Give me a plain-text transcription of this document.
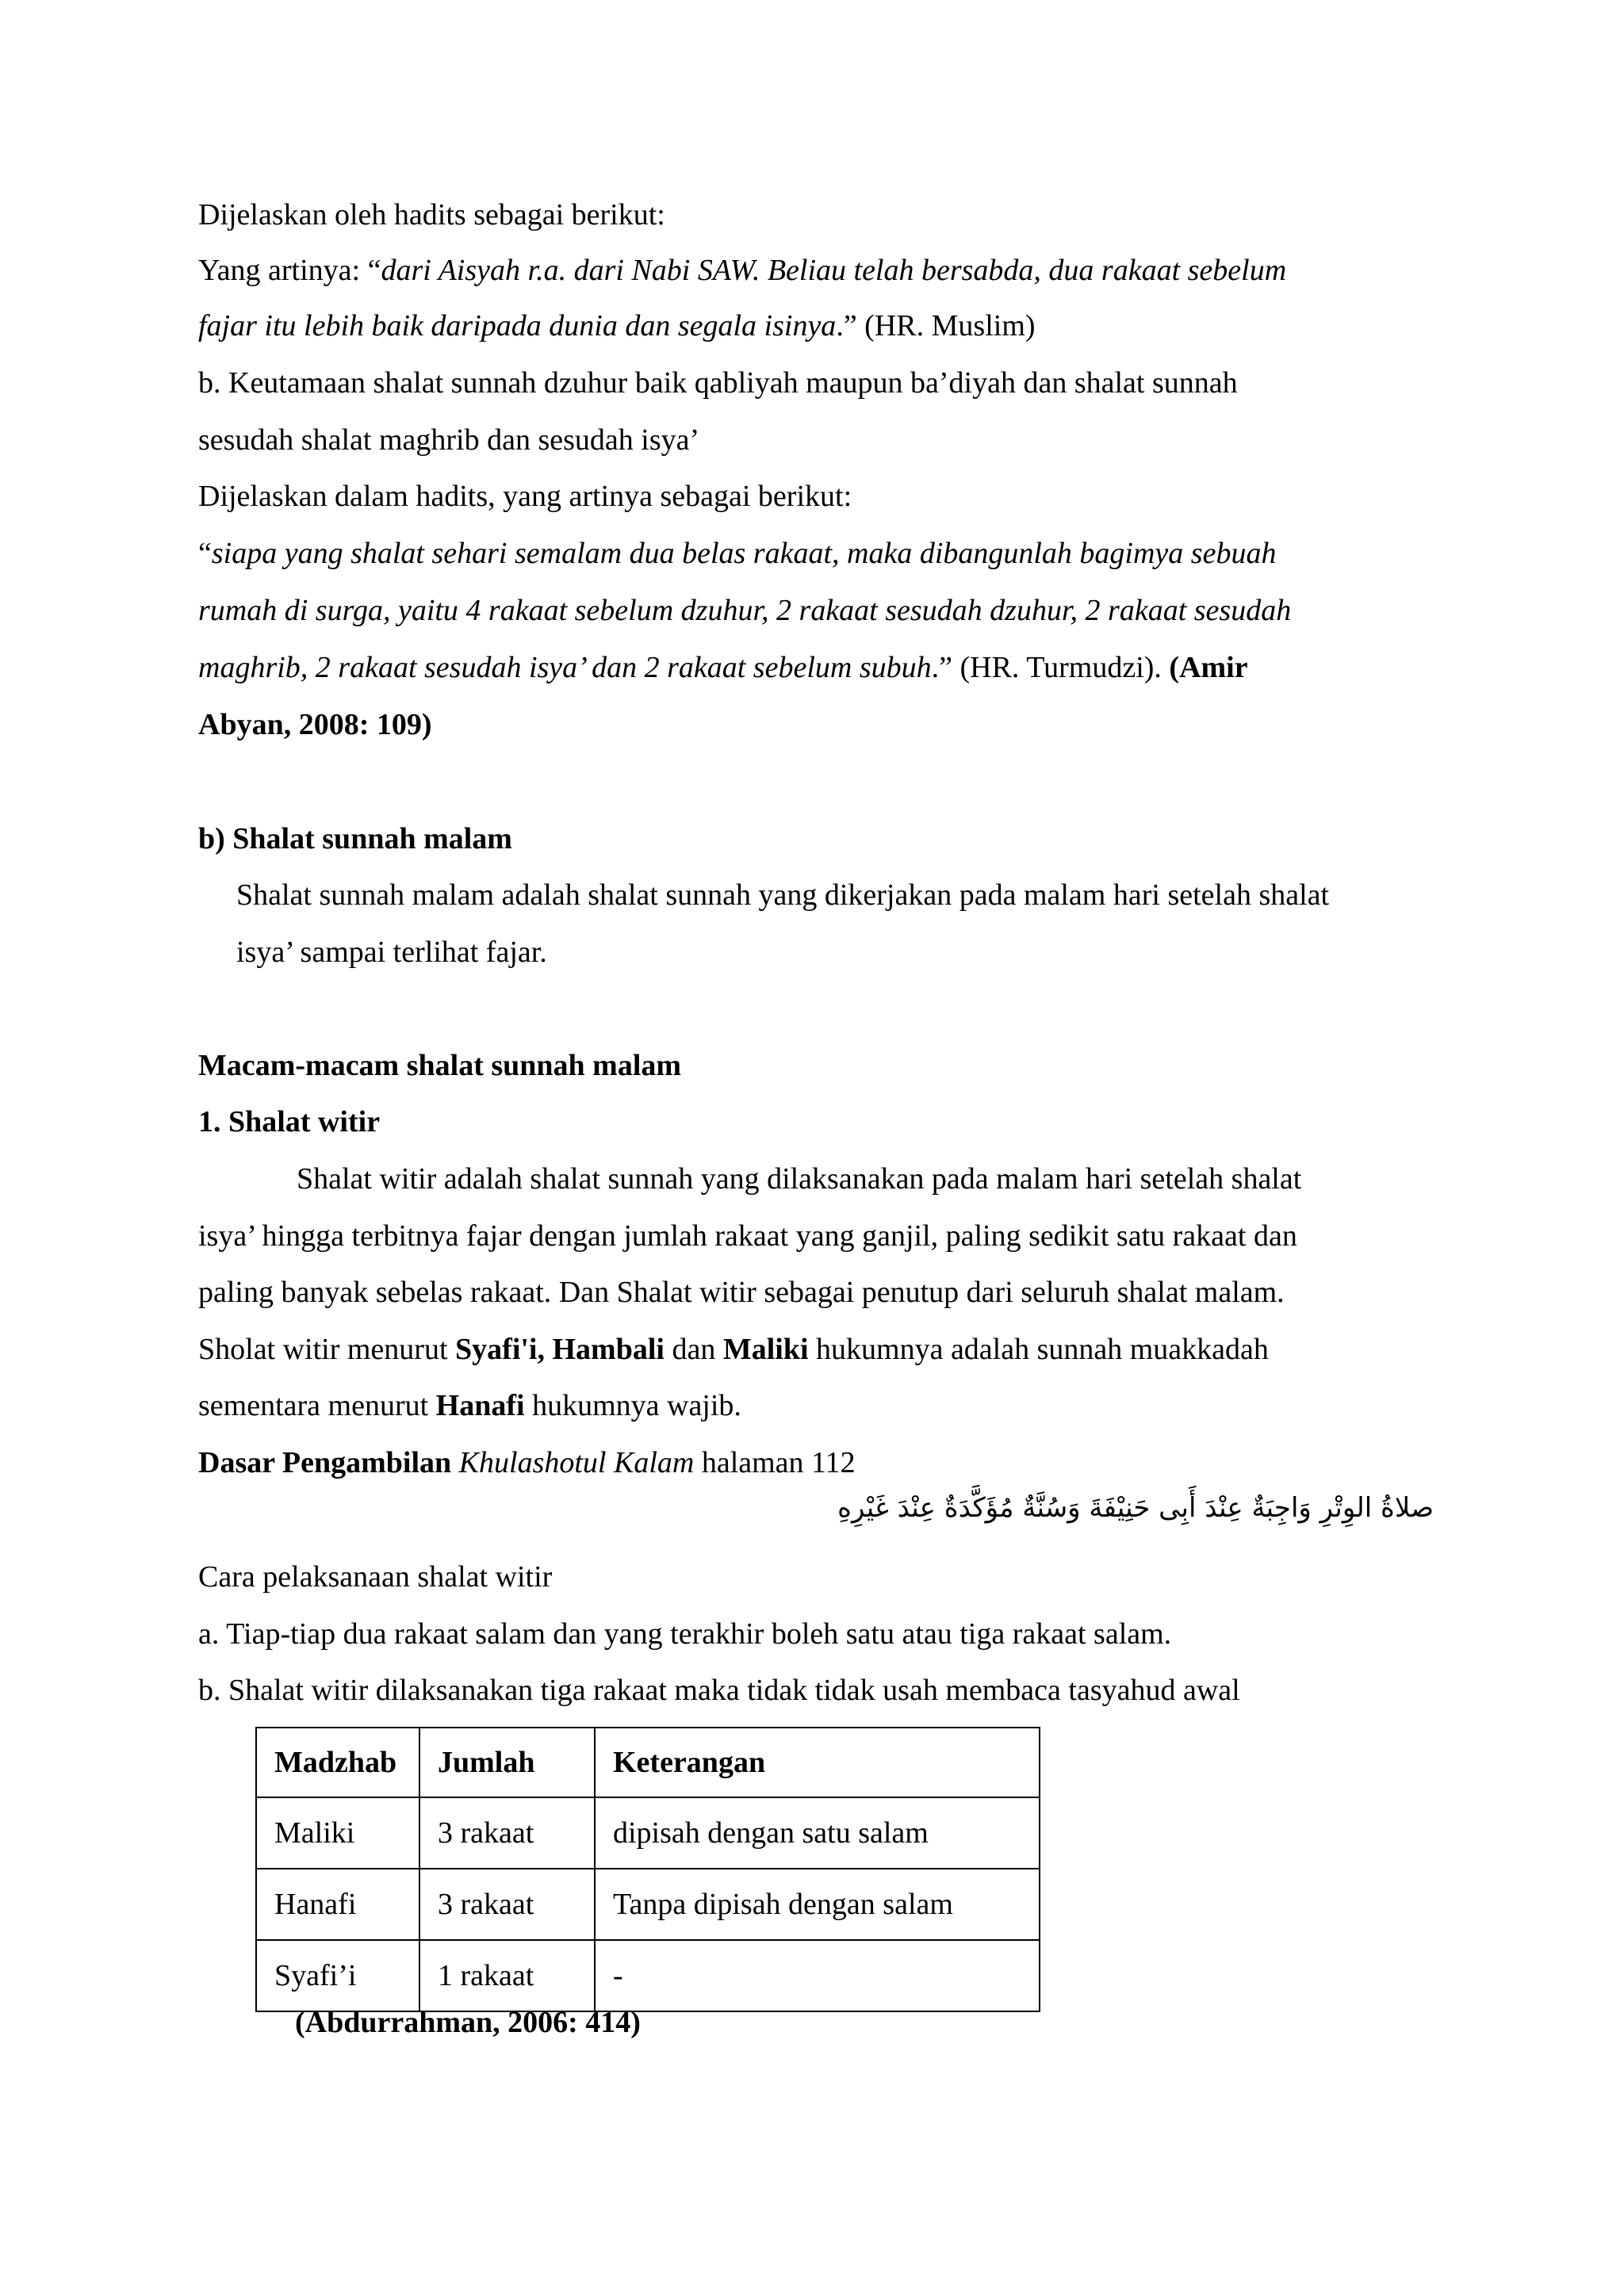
Dijelaskan oleh hadits sebagai berikut:
Yang artinya: “dari Aisyah r.a. dari Nabi SAW. Beliau telah bersabda, dua rakaat sebelum
fajar itu lebih baik daripada dunia dan segala isinya.” (HR. Muslim)
b. Keutamaan shalat sunnah dzuhur baik qabliyah maupun ba’diyah dan shalat sunnah
sesudah shalat maghrib dan sesudah isya’
Dijelaskan dalam hadits, yang artinya sebagai berikut:
“siapa yang shalat sehari semalam dua belas rakaat, maka dibangunlah bagimya sebuah
rumah di surga, yaitu 4 rakaat sebelum dzuhur, 2 rakaat sesudah dzuhur, 2 rakaat sesudah
maghrib, 2 rakaat sesudah isya’ dan 2 rakaat sebelum subuh.” (HR. Turmudzi). (Amir
Abyan, 2008: 109)
b) Shalat sunnah malam
Shalat sunnah malam adalah shalat sunnah yang dikerjakan pada malam hari setelah shalat
isya’ sampai terlihat fajar.
Macam-macam shalat sunnah malam
1. Shalat witir
Shalat witir adalah shalat sunnah yang dilaksanakan pada malam hari setelah shalat
isya’ hingga terbitnya fajar dengan jumlah rakaat yang ganjil, paling sedikit satu rakaat dan
paling banyak sebelas rakaat. Dan Shalat witir sebagai penutup dari seluruh shalat malam.
Sholat witir menurut Syafi'i, Hambali dan Maliki hukumnya adalah sunnah muakkadah
sementara menurut Hanafi hukumnya wajib.
Dasar Pengambilan Khulashotul Kalam halaman 112
صلاةُ الوِتْرِ وَاجِبَةٌ عِنْدَ أَبِى حَنِيْفَةَ وَسُنَّةٌ مُؤَكَّدَةٌ عِنْدَ غَيْرِهِ
Cara pelaksanaan shalat witir
a. Tiap-tiap dua rakaat salam dan yang terakhir boleh satu atau tiga rakaat salam.
b. Shalat witir dilaksanakan tiga rakaat maka tidak tidak usah membaca tasyahud awal
Madzhab	Jumlah	Keterangan
Maliki	3 rakaat	dipisah dengan satu salam
Hanafi	3 rakaat	Tanpa dipisah dengan salam
Syafi’i	1 rakaat	-
(Abdurrahman, 2006: 414)
